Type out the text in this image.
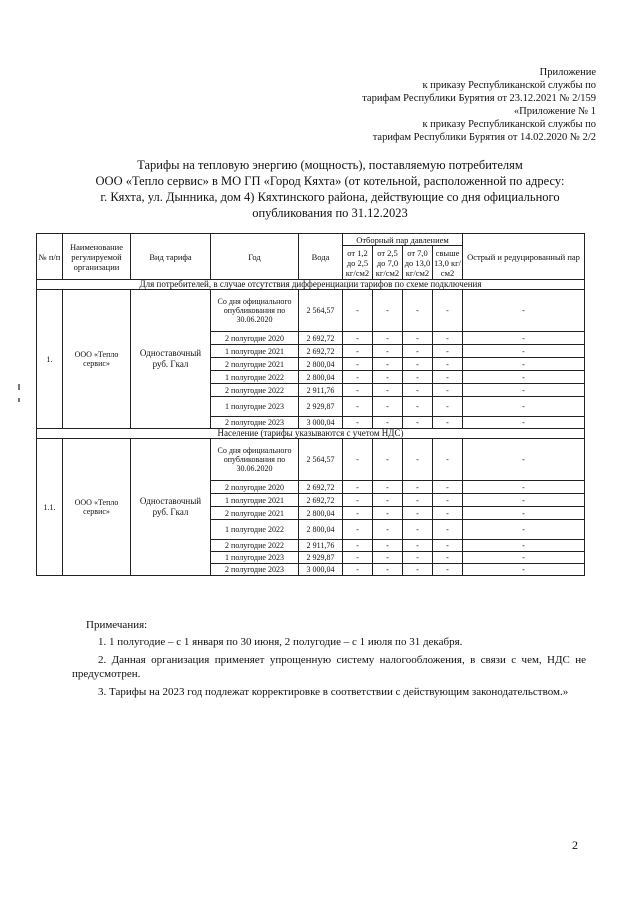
Приложение
к приказу Республиканской службы по
тарифам Республики Бурятия от 23.12.2021 № 2/159
«Приложение № 1
к приказу Республиканской службы по
тарифам Республики Бурятия от 14.02.2020 № 2/2
Тарифы на тепловую энергию (мощность), поставляемую потребителям
ООО «Тепло сервис» в МО ГП «Город Кяхта» (от котельной, расположенной по адресу:
г. Кяхта, ул. Дынника, дом 4) Кяхтинского района, действующие со дня официального
опубликования по 31.12.2023
№ п/п	Наименование регулируемой организации	Вид тарифа	Год	Вода	Отборный пар давлением				Острый и редуцированный пар
					от 1,2 до 2,5 кг/см2	от 2,5 до 7,0 кг/см2	от 7,0 до 13,0 кг/см2	свыше 13,0 кг/см2	
Для потребителей, в случае отсутствия дифференциации тарифов по схеме подключения									
1.	ООО «Тепло сервис»	Одноставочный руб. Гкал	Со дня официального опубликования по 30.06.2020	2 564,57	-	-	-	-	-
			2 полугодие 2020	2 692,72	-	-	-	-	-
			1 полугодие 2021	2 692,72	-	-	-	-	-
			2 полугодие 2021	2 800,04	-	-	-	-	-
			1 полугодие 2022	2 800,04	-	-	-	-	-
			2 полугодие 2022	2 911,76	-	-	-	-	-
			1 полугодие 2023	2 929,87	-	-	-	-	-
			2 полугодие 2023	3 000,04	-	-	-	-	-
Население (тарифы указываются с учетом НДС)									
1.1.	ООО «Тепло сервис»	Одноставочный руб. Гкал	Со дня официального опубликования по 30.06.2020	2 564,57	-	-	-	-	-
			2 полугодие 2020	2 692,72	-	-	-	-	-
			1 полугодие 2021	2 692,72	-	-	-	-	-
			2 полугодие 2021	2 800,04	-	-	-	-	-
			1 полугодие 2022	2 800,04	-	-	-	-	-
			2 полугодие 2022	2 911,76	-	-	-	-	-
			1 полугодие 2023	2 929,87	-	-	-	-	-
			2 полугодие 2023	3 000,04	-	-	-	-	-
Примечания:
1. 1 полугодие – с 1 января по 30 июня, 2 полугодие – с 1 июля по 31 декабря.
2. Данная организация применяет упрощенную систему налогообложения, в связи с чем, НДС не предусмотрен.
3. Тарифы на 2023 год подлежат корректировке в соответствии с действующим законодательством.»
2
